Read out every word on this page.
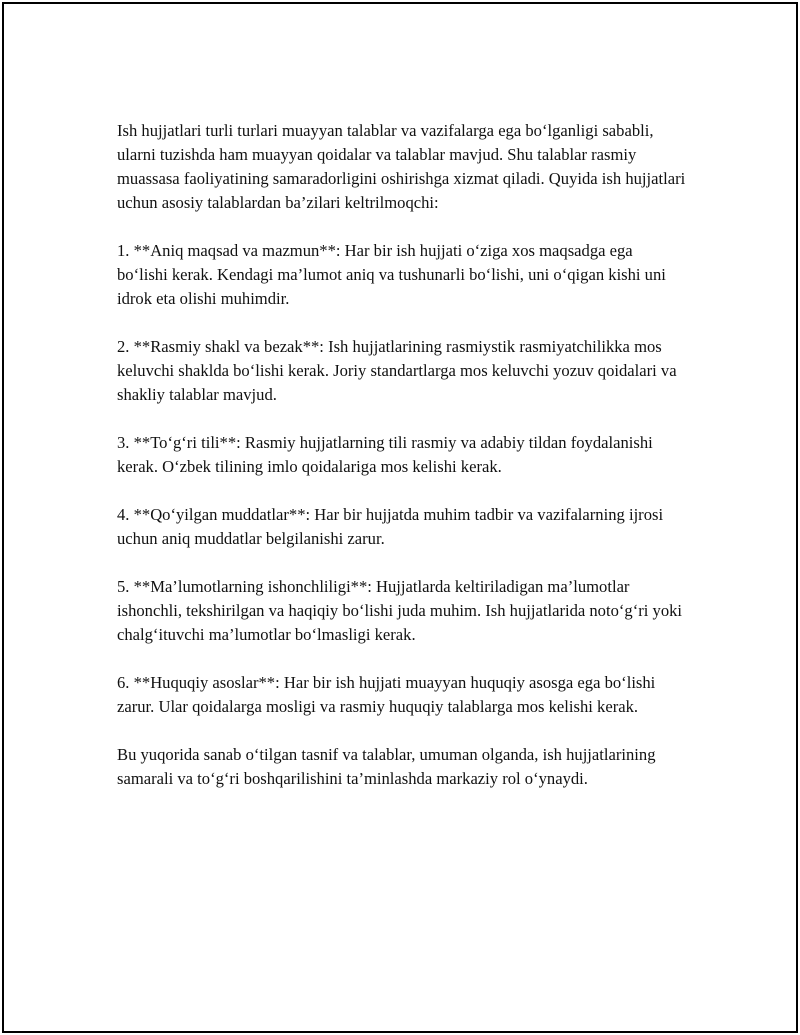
Ish hujjatlari turli turlari muayyan talablar va vazifalarga ega bo‘lganligi sababli, ularni tuzishda ham muayyan qoidalar va talablar mavjud. Shu talablar rasmiy muassasa faoliyatining samaradorligini oshirishga xizmat qiladi. Quyida ish hujjatlari uchun asosiy talablardan ba’zilari keltrilmoqchi:

1. **Aniq maqsad va mazmun**: Har bir ish hujjati o‘ziga xos maqsadga ega bo‘lishi kerak. Kendagi ma’lumot aniq va tushunarli bo‘lishi, uni o‘qigan kishi uni idrok eta olishi muhimdir.

2. **Rasmiy shakl va bezak**: Ish hujjatlarining rasmiystik rasmiyatchilikka mos keluvchi shaklda bo‘lishi kerak. Joriy standartlarga mos keluvchi yozuv qoidalari va shakliy talablar mavjud.

3. **To‘g‘ri tili**: Rasmiy hujjatlarning tili rasmiy va adabiy tildan foydalanishi kerak. O‘zbek tilining imlo qoidalariga mos kelishi kerak.

4. **Qo‘yilgan muddatlar**: Har bir hujjatda muhim tadbir va vazifalarning ijrosi uchun aniq muddatlar belgilanishi zarur.

5. **Ma’lumotlarning ishonchliligi**: Hujjatlarda keltiriladigan ma’lumotlar ishonchli, tekshirilgan va haqiqiy bo‘lishi juda muhim. Ish hujjatlarida noto‘g‘ri yoki chalg‘ituvchi ma’lumotlar bo‘lmasligi kerak.

6. **Huquqiy asoslar**: Har bir ish hujjati muayyan huquqiy asosga ega bo‘lishi zarur. Ular qoidalarga mosligi va rasmiy huquqiy talablarga mos kelishi kerak.

Bu yuqorida sanab o‘tilgan tasnif va talablar, umuman olganda, ish hujjatlarining samarali va to‘g‘ri boshqarilishini ta’minlashda markaziy rol o‘ynaydi.
